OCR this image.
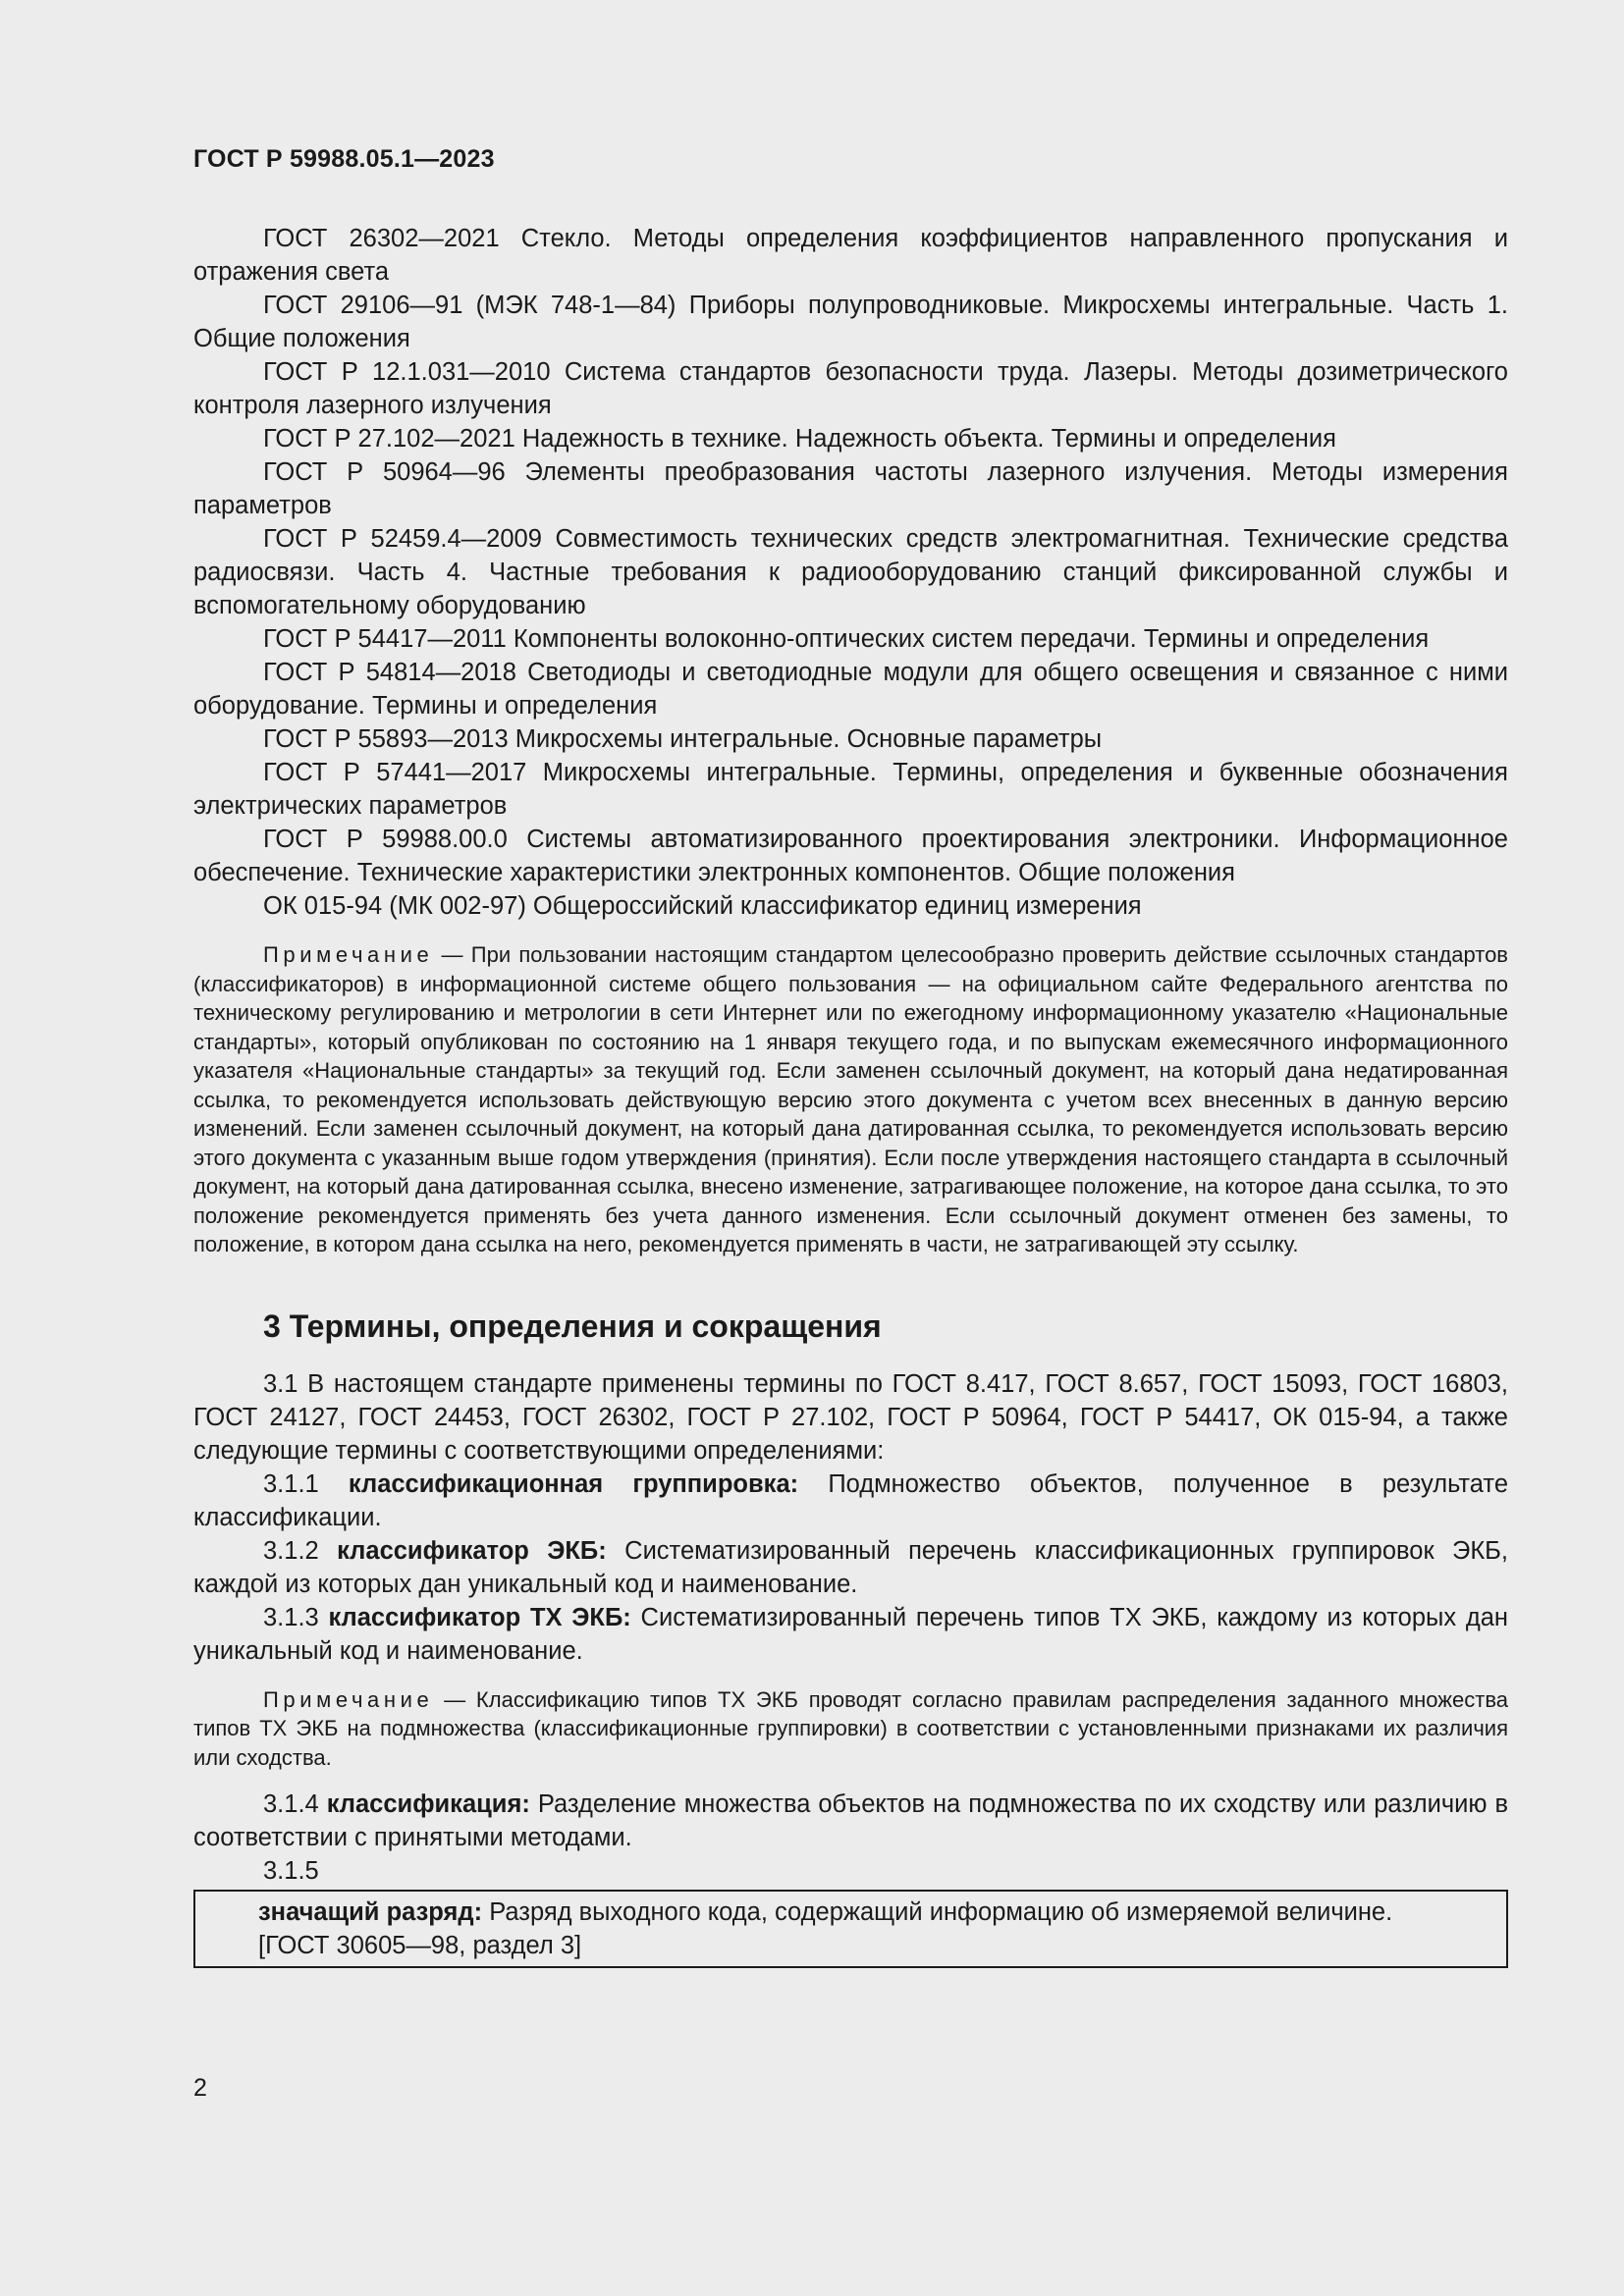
ГОСТ Р 59988.05.1—2023

ГОСТ 26302—2021 Стекло. Методы определения коэффициентов направленного пропускания и отражения света

ГОСТ 29106—91 (МЭК 748-1—84) Приборы полупроводниковые. Микросхемы интегральные. Часть 1. Общие положения

ГОСТ Р 12.1.031—2010 Система стандартов безопасности труда. Лазеры. Методы дозиметрического контроля лазерного излучения

ГОСТ Р 27.102—2021 Надежность в технике. Надежность объекта. Термины и определения

ГОСТ Р 50964—96 Элементы преобразования частоты лазерного излучения. Методы измерения параметров

ГОСТ Р 52459.4—2009 Совместимость технических средств электромагнитная. Технические средства радиосвязи. Часть 4. Частные требования к радиооборудованию станций фиксированной службы и вспомогательному оборудованию

ГОСТ Р 54417—2011 Компоненты волоконно-оптических систем передачи. Термины и определения

ГОСТ Р 54814—2018 Светодиоды и светодиодные модули для общего освещения и связанное с ними оборудование. Термины и определения

ГОСТ Р 55893—2013 Микросхемы интегральные. Основные параметры

ГОСТ Р 57441—2017 Микросхемы интегральные. Термины, определения и буквенные обозначения электрических параметров

ГОСТ Р 59988.00.0 Системы автоматизированного проектирования электроники. Информационное обеспечение. Технические характеристики электронных компонентов. Общие положения

ОК 015-94 (МК 002-97) Общероссийский классификатор единиц измерения

Примечание — При пользовании настоящим стандартом целесообразно проверить действие ссылочных стандартов (классификаторов) в информационной системе общего пользования — на официальном сайте Федерального агентства по техническому регулированию и метрологии в сети Интернет или по ежегодному информационному указателю «Национальные стандарты», который опубликован по состоянию на 1 января текущего года, и по выпускам ежемесячного информационного указателя «Национальные стандарты» за текущий год. Если заменен ссылочный документ, на который дана недатированная ссылка, то рекомендуется использовать действующую версию этого документа с учетом всех внесенных в данную версию изменений. Если заменен ссылочный документ, на который дана датированная ссылка, то рекомендуется использовать версию этого документа с указанным выше годом утверждения (принятия). Если после утверждения настоящего стандарта в ссылочный документ, на который дана датированная ссылка, внесено изменение, затрагивающее положение, на которое дана ссылка, то это положение рекомендуется применять без учета данного изменения. Если ссылочный документ отменен без замены, то положение, в котором дана ссылка на него, рекомендуется применять в части, не затрагивающей эту ссылку.

3 Термины, определения и сокращения

3.1 В настоящем стандарте применены термины по ГОСТ 8.417, ГОСТ 8.657, ГОСТ 15093, ГОСТ 16803, ГОСТ 24127, ГОСТ 24453, ГОСТ 26302, ГОСТ Р 27.102, ГОСТ Р 50964, ГОСТ Р 54417, ОК 015-94, а также следующие термины с соответствующими определениями:

3.1.1 классификационная группировка: Подмножество объектов, полученное в результате классификации.

3.1.2 классификатор ЭКБ: Систематизированный перечень классификационных группировок ЭКБ, каждой из которых дан уникальный код и наименование.

3.1.3 классификатор ТХ ЭКБ: Систематизированный перечень типов ТХ ЭКБ, каждому из которых дан уникальный код и наименование.

Примечание — Классификацию типов ТХ ЭКБ проводят согласно правилам распределения заданного множества типов ТХ ЭКБ на подмножества (классификационные группировки) в соответствии с установленными признаками их различия или сходства.

3.1.4 классификация: Разделение множества объектов на подмножества по их сходству или различию в соответствии с принятыми методами.

3.1.5

значащий разряд: Разряд выходного кода, содержащий информацию об измеряемой величине.
[ГОСТ 30605—98, раздел 3]
2
